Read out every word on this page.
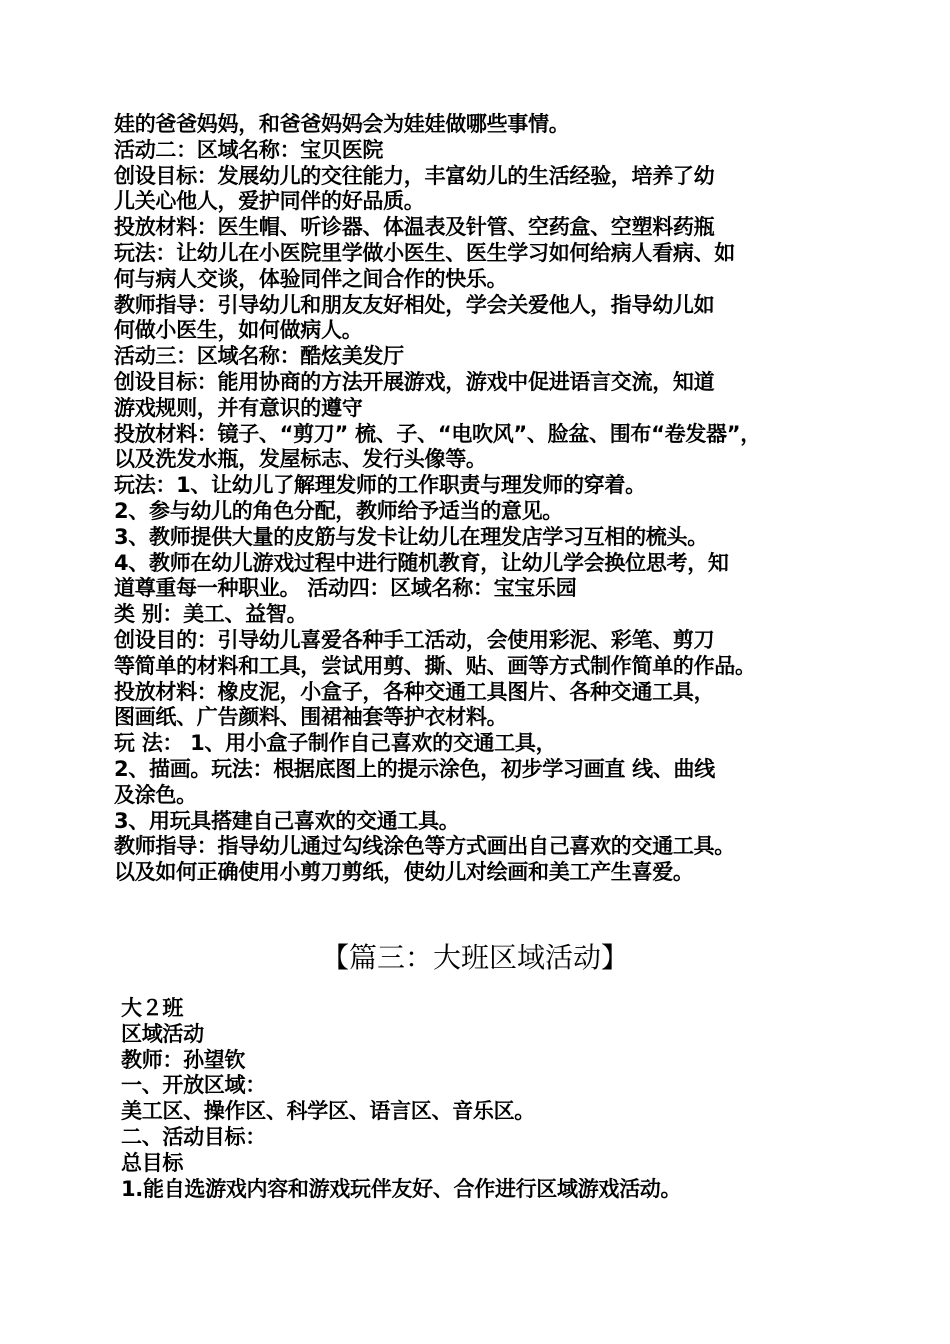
娃的爸爸妈妈，和爸爸妈妈会为娃娃做哪些事情。
活动二：区域名称：宝贝医院
创设目标：发展幼儿的交往能力，丰富幼儿的生活经验，培养了幼
儿关心他人，爱护同伴的好品质。
投放材料：医生帽、听诊器、体温表及针管、空药盒、空塑料药瓶
玩法：让幼儿在小医院里学做小医生、医生学习如何给病人看病、如
何与病人交谈，体验同伴之间合作的快乐。
教师指导：引导幼儿和朋友友好相处，学会关爱他人，指导幼儿如
何做小医生，如何做病人。
活动三：区域名称：酷炫美发厅
创设目标：能用协商的方法开展游戏，游戏中促进语言交流，知道
游戏规则，并有意识的遵守
投放材料：镜子、“剪刀” 梳、子、“电吹风”、脸盆、围布“卷发器”，
以及洗发水瓶，发屋标志、发行头像等。
玩法：1、让幼儿了解理发师的工作职责与理发师的穿着。
2、参与幼儿的角色分配，教师给予适当的意见。
3、教师提供大量的皮筋与发卡让幼儿在理发店学习互相的梳头。
4、教师在幼儿游戏过程中进行随机教育，让幼儿学会换位思考，知
道尊重每一种职业。 活动四：区域名称：宝宝乐园
类 别：美工、益智。
创设目的：引导幼儿喜爱各种手工活动，会使用彩泥、彩笔、剪刀
等简单的材料和工具，尝试用剪、撕、贴、画等方式制作简单的作品。
投放材料：橡皮泥，小盒子，各种交通工具图片、各种交通工具，
图画纸、广告颜料、围裙袖套等护衣材料。
玩 法： 1、用小盒子制作自己喜欢的交通工具，
2、描画。玩法：根据底图上的提示涂色，初步学习画直 线、曲线
及涂色。
3、用玩具搭建自己喜欢的交通工具。
教师指导：指导幼儿通过勾线涂色等方式画出自己喜欢的交通工具。
以及如何正确使用小剪刀剪纸，使幼儿对绘画和美工产生喜爱。
【篇三：大班区域活动】
大２班
区域活动
教师：孙望钦
一、开放区域：
美工区、操作区、科学区、语言区、音乐区。
二、活动目标：
总目标
1.能自选游戏内容和游戏玩伴友好、合作进行区域游戏活动。
